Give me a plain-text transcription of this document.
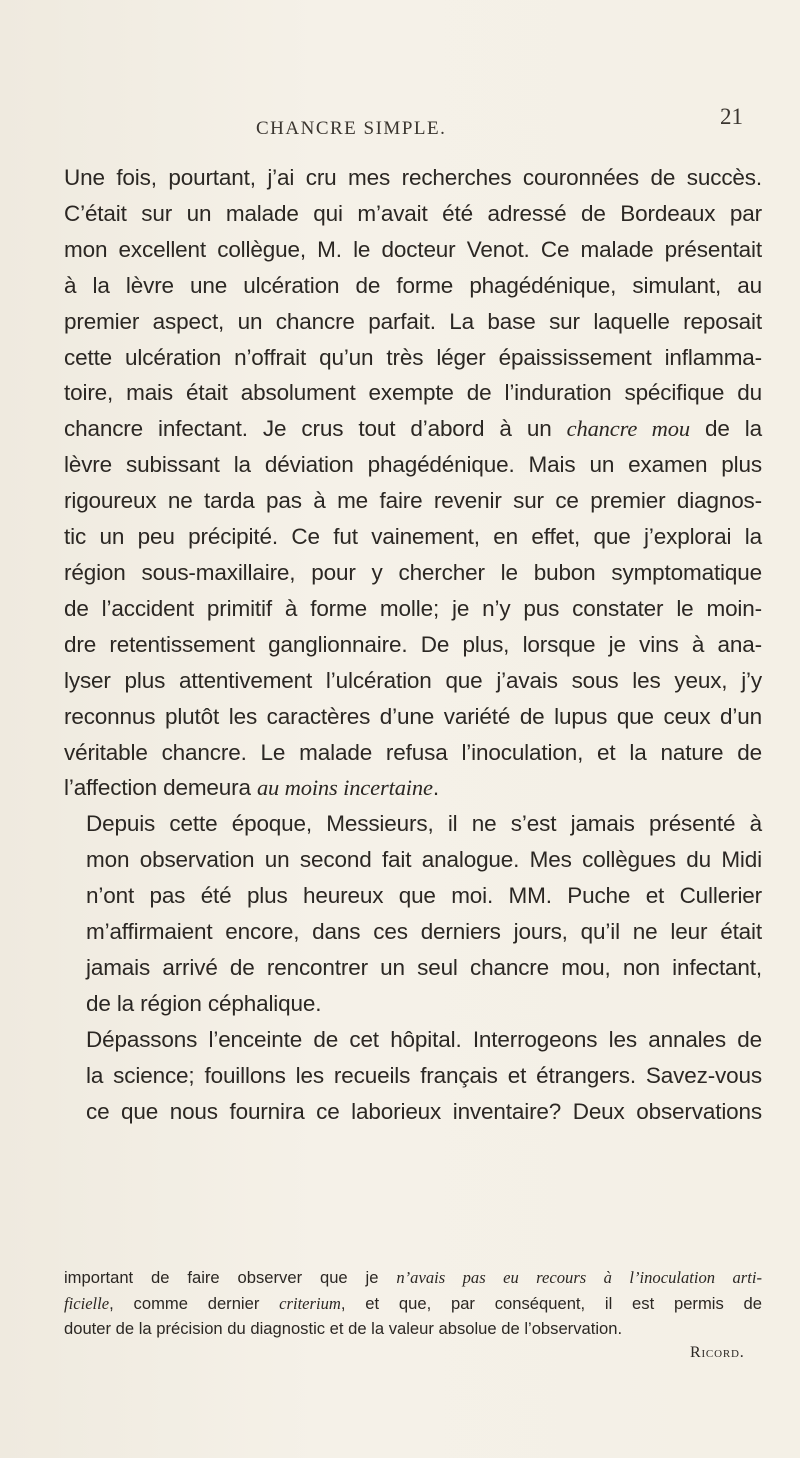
CHANCRE SIMPLE.	21

Une fois, pourtant, j’ai cru mes recherches couronnées de succès.
C’était sur un malade qui m’avait été adressé de Bordeaux par
mon excellent collègue, M. le docteur Venot. Ce malade présentait
à la lèvre une ulcération de forme phagédénique, simulant, au
premier aspect, un chancre parfait. La base sur laquelle reposait
cette ulcération n’offrait qu’un très léger épaississement inflamma-
toire, mais était absolument exempte de l’induration spécifique du
chancre infectant. Je crus tout d’abord à un chancre mou de la
lèvre subissant la déviation phagédénique. Mais un examen plus
rigoureux ne tarda pas à me faire revenir sur ce premier diagnos-
tic un peu précipité. Ce fut vainement, en effet, que j’explorai la
région sous-maxillaire, pour y chercher le bubon symptomatique
de l’accident primitif à forme molle; je n’y pus constater le moin-
dre retentissement ganglionnaire. De plus, lorsque je vins à ana-
lyser plus attentivement l’ulcération que j’avais sous les yeux, j’y
reconnus plutôt les caractères d’une variété de lupus que ceux d’un
véritable chancre. Le malade refusa l’inoculation, et la nature de
l’affection demeura au moins incertaine.

Depuis cette époque, Messieurs, il ne s’est jamais présenté à
mon observation un second fait analogue. Mes collègues du Midi
n’ont pas été plus heureux que moi. MM. Puche et Cullerier
m’affirmaient encore, dans ces derniers jours, qu’il ne leur était
jamais arrivé de rencontrer un seul chancre mou, non infectant,
de la région céphalique.

Dépassons l’enceinte de cet hôpital. Interrogeons les annales de
la science; fouillons les recueils français et étrangers. Savez-vous
ce que nous fournira ce laborieux inventaire? Deux observations

important de faire observer que je n’avais pas eu recours à l’inoculation arti-
ficielle, comme dernier criterium, et que, par conséquent, il est permis de
douter de la précision du diagnostic et de la valeur absolue de l’observation.
Ricord.
